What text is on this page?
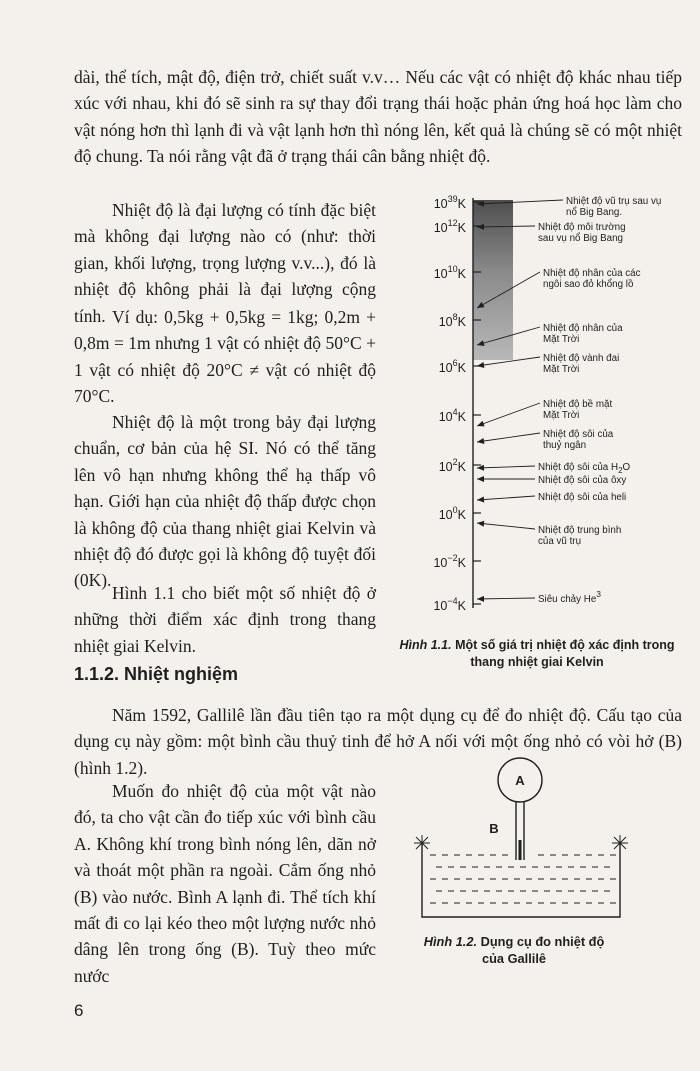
dài, thể tích, mật độ, điện trở, chiết suất v.v… Nếu các vật có nhiệt độ khác nhau tiếp xúc với nhau, khi đó sẽ sinh ra sự thay đổi trạng thái hoặc phản ứng hoá học làm cho vật nóng hơn thì lạnh đi và vật lạnh hơn thì nóng lên, kết quả là chúng sẽ có một nhiệt độ chung. Ta nói rằng vật đã ở trạng thái cân bằng nhiệt độ.

Nhiệt độ là đại lượng có tính đặc biệt mà không đại lượng nào có (như: thời gian, khối lượng, trọng lượng v.v...), đó là nhiệt độ không phải là đại lượng cộng tính. Ví dụ: 0,5kg + 0,5kg = 1kg; 0,2m + 0,8m = 1m nhưng 1 vật có nhiệt độ 50°C + 1 vật có nhiệt độ 20°C ≠ vật có nhiệt độ 70°C.

Nhiệt độ là một trong bảy đại lượng chuẩn, cơ bản của hệ SI. Nó có thể tăng lên vô hạn nhưng không thể hạ thấp vô hạn. Giới hạn của nhiệt độ thấp được chọn là không độ của thang nhiệt giai Kelvin và nhiệt độ đó được gọi là không độ tuyệt đối (0K).

Hình 1.1 cho biết một số nhiệt độ ở những thời điểm xác định trong thang nhiệt giai Kelvin.

1.1.2. Nhiệt nghiệm

Năm 1592, Gallilê lần đầu tiên tạo ra một dụng cụ để đo nhiệt độ. Cấu tạo của dụng cụ này gồm: một bình cầu thuỷ tinh để hở A nối với một ống nhỏ có vòi hở (B) (hình 1.2).

Muốn đo nhiệt độ của một vật nào đó, ta cho vật cần đo tiếp xúc với bình cầu A. Không khí trong bình nóng lên, dãn nở và thoát một phần ra ngoài. Cắm ống nhỏ (B) vào nước. Bình A lạnh đi. Thể tích khí mất đi co lại kéo theo một lượng nước nhỏ dâng lên trong ống (B). Tuỳ theo mức nước

$10^{39}K$
$10^{12}K$
$10^{10}K$
$10^8K$
$10^6K$
$10^4K$
$10^2K$
$10^0K$
$10^{-2}K$
$10^{-4}K$
Nhiệt độ vũ trụ sau vụ
nổ Big Bang.
Nhiệt độ môi trường
sau vụ nổ Big Bang
Nhiệt độ nhân của các
ngôi sao đỏ khổng lồ
Nhiệt độ nhân của
Mặt Trời
Nhiệt độ vành đai
Mặt Trời
Nhiệt độ bề mặt
Mặt Trời
Nhiệt độ sôi của
thuỷ ngân
Nhiệt độ sôi của $H_2O$
Nhiệt độ sôi của ôxy
Nhiệt độ sôi của heli
Nhiệt độ trung bình
của vũ trụ
Siêu chảy He3
Hình 1.1. Một số giá trị nhiệt độ xác định trong thang nhiệt giai Kelvin
A
B
Hình 1.2. Dụng cụ đo nhiệt độ
của Gallilê
6
